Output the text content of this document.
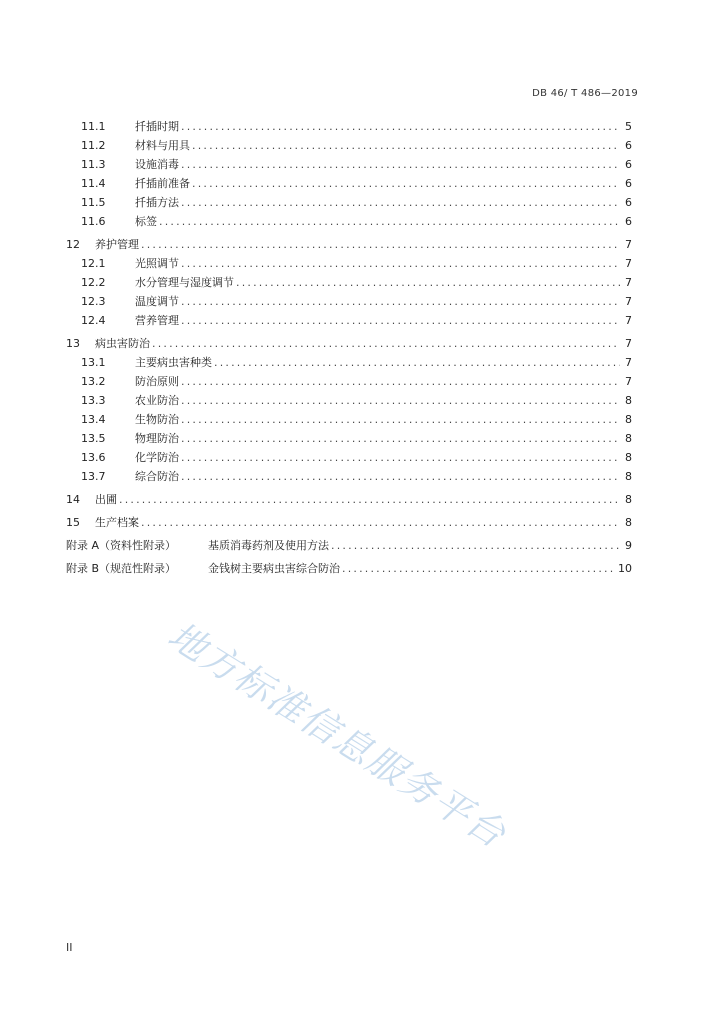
DB 46/ T 486—2019
11.1	扦插时期 .....	5
11.2	材料与用具 .....	6
11.3	设施消毒 .....	6
11.4	扦插前准备 .....	6
11.5	扦插方法 .....	6
11.6	标签 .....	6
12	养护管理 .....	7
12.1	光照调节 .....	7
12.2	水分管理与湿度调节 .....	7
12.3	温度调节 .....	7
12.4	营养管理 .....	7
13	病虫害防治 .....	7
13.1	主要病虫害种类 .....	7
13.2	防治原则 .....	7
13.3	农业防治 .....	8
13.4	生物防治 .....	8
13.5	物理防治 .....	8
13.6	化学防治 .....	8
13.7	综合防治 .....	8
14	出圃 .....	8
15	生产档案 .....	8
附录 A（资料性附录）	基质消毒药剂及使用方法 .....	9
附录 B（规范性附录）	金钱树主要病虫害综合防治 .....	10
地方标准信息服务平台
II
